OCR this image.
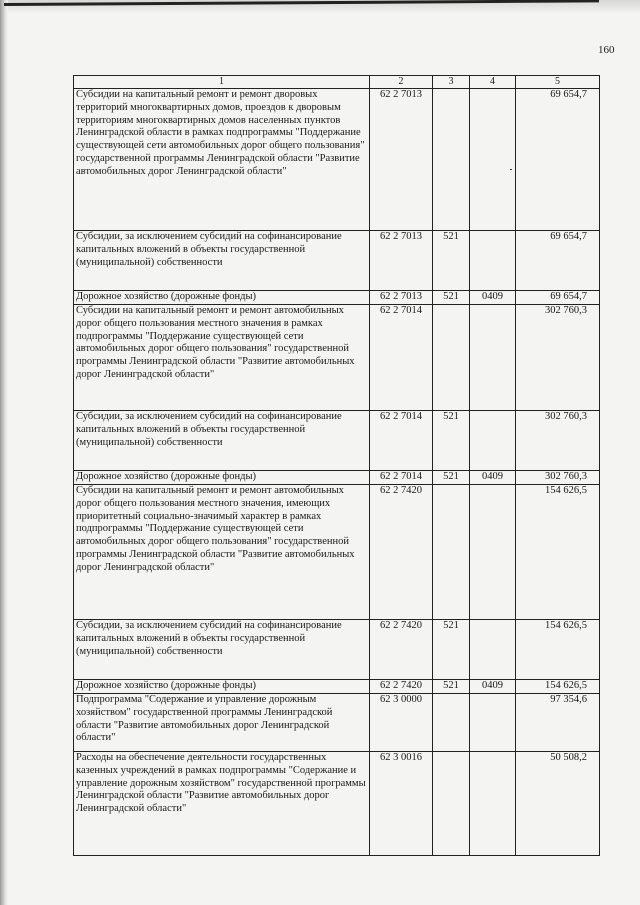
160
1	2	3	4	5
Субсидии на капитальный ремонт и ремонт дворовых территорий многоквартирных домов, проездов к дворовым территориям многоквартирных домов населенных пунктов Ленинградской области в рамках подпрограммы "Поддержание существующей сети автомобильных дорог общего пользования" государственной программы Ленинградской области "Развитие автомобильных дорог Ленинградской области"	62 2 7013			69 654,7
Субсидии, за исключением субсидий на софинансирование капитальных вложений в объекты государственной (муниципальной) собственности	62 2 7013	521		69 654,7
Дорожное хозяйство (дорожные фонды)	62 2 7013	521	0409	69 654,7
Субсидии на капитальный ремонт и ремонт автомобильных дорог общего пользования местного значения в рамках подпрограммы "Поддержание существующей сети автомобильных дорог общего пользования" государственной программы Ленинградской области "Развитие автомобильных дорог Ленинградской области"	62 2 7014			302 760,3
Субсидии, за исключением субсидий на софинансирование капитальных вложений в объекты государственной (муниципальной) собственности	62 2 7014	521		302 760,3
Дорожное хозяйство (дорожные фонды)	62 2 7014	521	0409	302 760,3
Субсидии на капитальный ремонт и ремонт автомобильных дорог общего пользования местного значения, имеющих приоритетный социально-значимый характер в рамках подпрограммы "Поддержание существующей сети автомобильных дорог общего пользования" государственной программы Ленинградской области "Развитие автомобильных дорог Ленинградской области"	62 2 7420			154 626,5
Субсидии, за исключением субсидий на софинансирование капитальных вложений в объекты государственной (муниципальной) собственности	62 2 7420	521		154 626,5
Дорожное хозяйство (дорожные фонды)	62 2 7420	521	0409	154 626,5
Подпрограмма "Содержание и управление дорожным хозяйством" государственной программы Ленинградской области "Развитие автомобильных дорог Ленинградской области"	62 3 0000			97 354,6
Расходы на обеспечение деятельности государственных казенных учреждений в рамках подпрограммы "Содержание и управление дорожным хозяйством" государственной программы Ленинградской области "Развитие автомобильных дорог Ленинградской области"	62 3 0016			50 508,2
